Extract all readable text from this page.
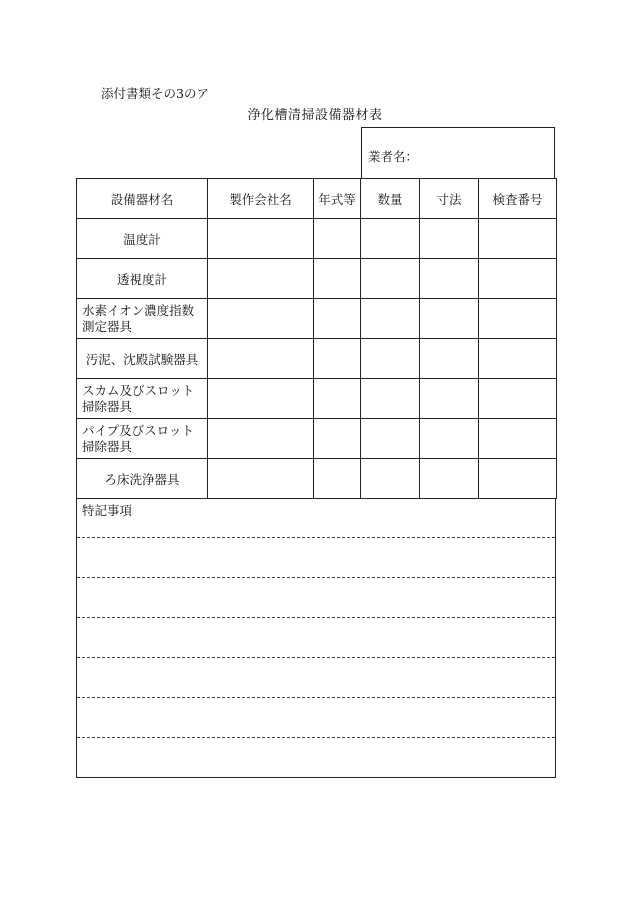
添付書類その3のア
浄化槽清掃設備器材表
業者名：
設備器材名	製作会社名	年式等	数量	寸法	検査番号
温度計					
透視度計					
水素イオン濃度指数測定器具					
汚泥、沈殿試験器具					
スカム及びスロット掃除器具					
パイプ及びスロット掃除器具					
ろ床洗浄器具					
特記事項
